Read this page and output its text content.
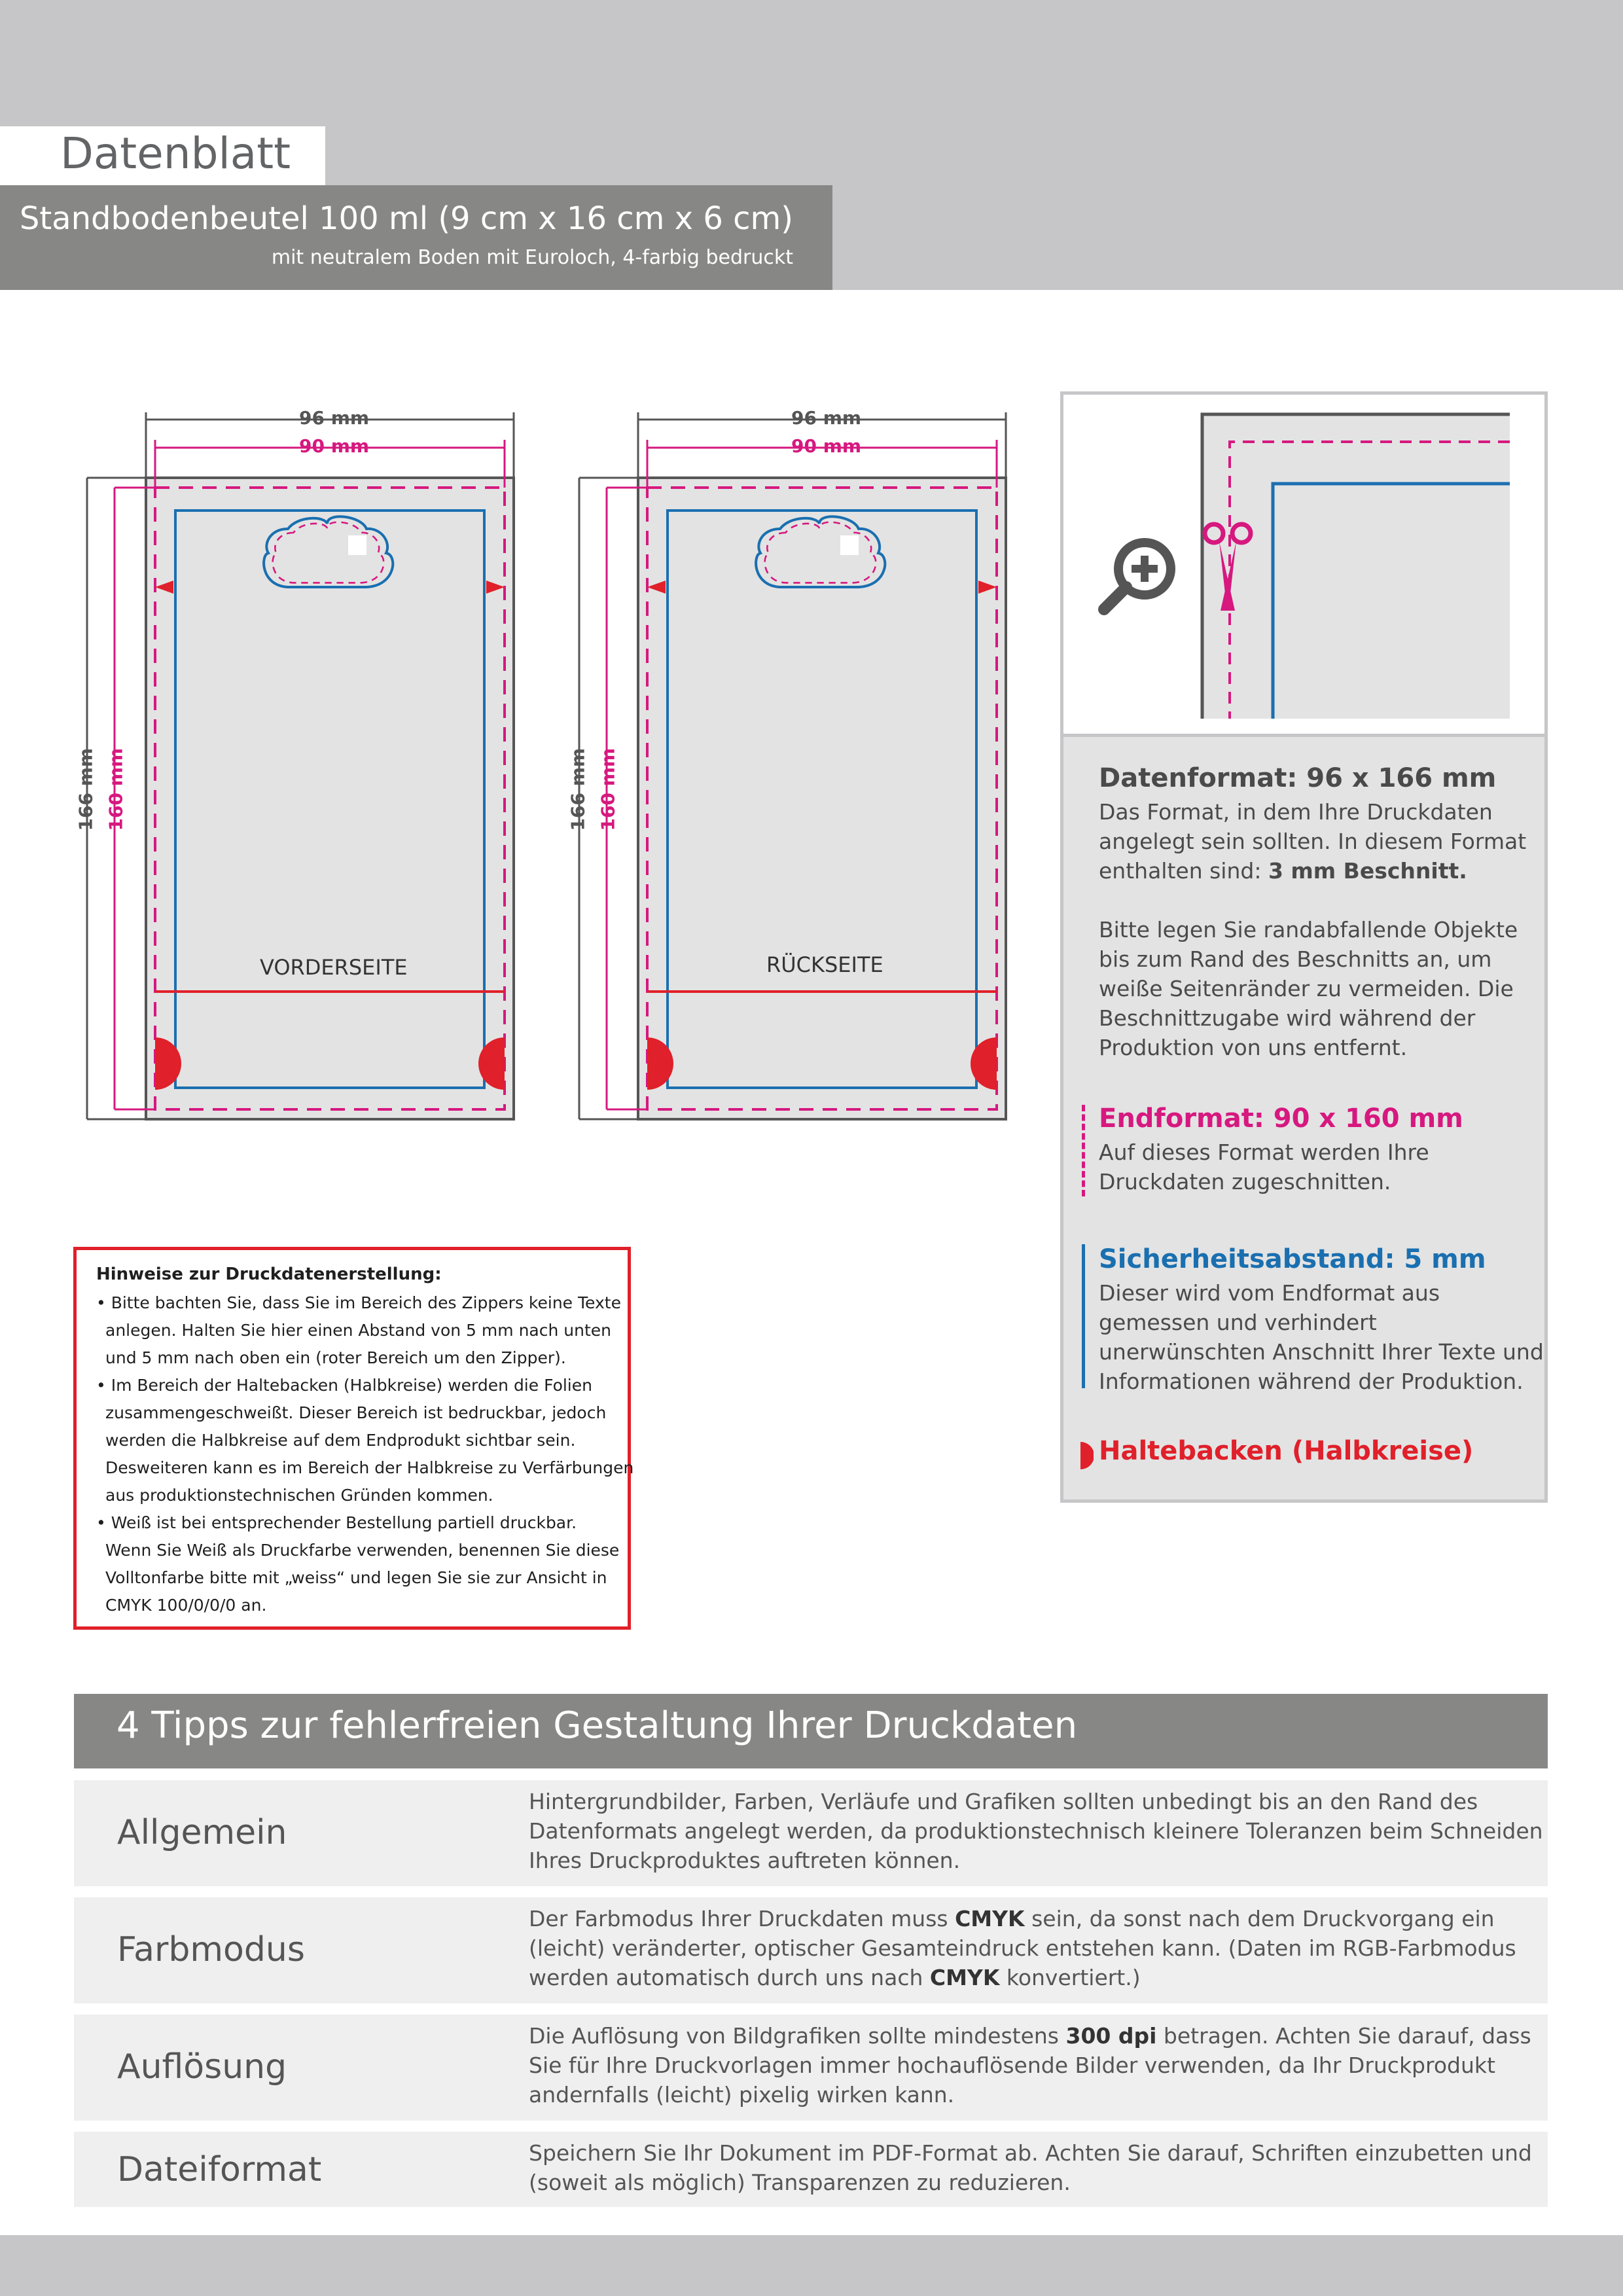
Datenblatt
Standbodenbeutel 100 ml (9 cm x 16 cm x 6 cm)
mit neutralem Boden mit Euroloch, 4-farbig bedruckt
96 mm
90 mm
166 mm 160 mm
VORDERSEITE
96 mm
90 mm
166 mm 160 mm
RÜCKSEITE
Datenformat: 96 x 166 mm
Das Format, in dem Ihre Druckdaten angelegt sein sollten. In diesem Format enthalten sind: 3 mm Beschnitt.
Bitte legen Sie randabfallende Objekte bis zum Rand des Beschnitts an, um weiße Seitenränder zu vermeiden. Die Beschnittzugabe wird während der Produktion von uns entfernt.
Endformat: 90 x 160 mm
Auf dieses Format werden Ihre Druckdaten zugeschnitten.
Sicherheitsabstand: 5 mm
Dieser wird vom Endformat aus gemessen und verhindert unerwünschten Anschnitt Ihrer Texte und Informationen während der Produktion.
Haltebacken (Halbkreise)
Hinweise zur Druckdatenerstellung:
• Bitte bachten Sie, dass Sie im Bereich des Zippers keine Texte
anlegen. Halten Sie hier einen Abstand von 5 mm nach unten
und 5 mm nach oben ein (roter Bereich um den Zipper).
• Im Bereich der Haltebacken (Halbkreise) werden die Folien
zusammengeschweißt. Dieser Bereich ist bedruckbar, jedoch
werden die Halbkreise auf dem Endprodukt sichtbar sein.
Desweiteren kann es im Bereich der Halbkreise zu Verfärbungen
aus produktionstechnischen Gründen kommen.
• Weiß ist bei entsprechender Bestellung partiell druckbar.
Wenn Sie Weiß als Druckfarbe verwenden, benennen Sie diese
Volltonfarbe bitte mit „weiss“ und legen Sie sie zur Ansicht in
CMYK 100/0/0/0 an.
4 Tipps zur fehlerfreien Gestaltung Ihrer Druckdaten
Allgemein
Hintergrundbilder, Farben, Verläufe und Grafiken sollten unbedingt bis an den Rand des Datenformats angelegt werden, da produktionstechnisch kleinere Toleranzen beim Schneiden Ihres Druckproduktes auftreten können.
Farbmodus
Der Farbmodus Ihrer Druckdaten muss CMYK sein, da sonst nach dem Druckvorgang ein (leicht) veränderter, optischer Gesamteindruck entstehen kann. (Daten im RGB-Farbmodus werden automatisch durch uns nach CMYK konvertiert.)
Auflösung
Die Auflösung von Bildgrafiken sollte mindestens 300 dpi betragen. Achten Sie darauf, dass Sie für Ihre Druckvorlagen immer hochauflösende Bilder verwenden, da Ihr Druckprodukt andernfalls (leicht) pixelig wirken kann.
Dateiformat	Speichern Sie Ihr Dokument im PDF-Format ab. Achten Sie darauf, Schriften einzubetten und (soweit als möglich) Transparenzen zu reduzieren.
